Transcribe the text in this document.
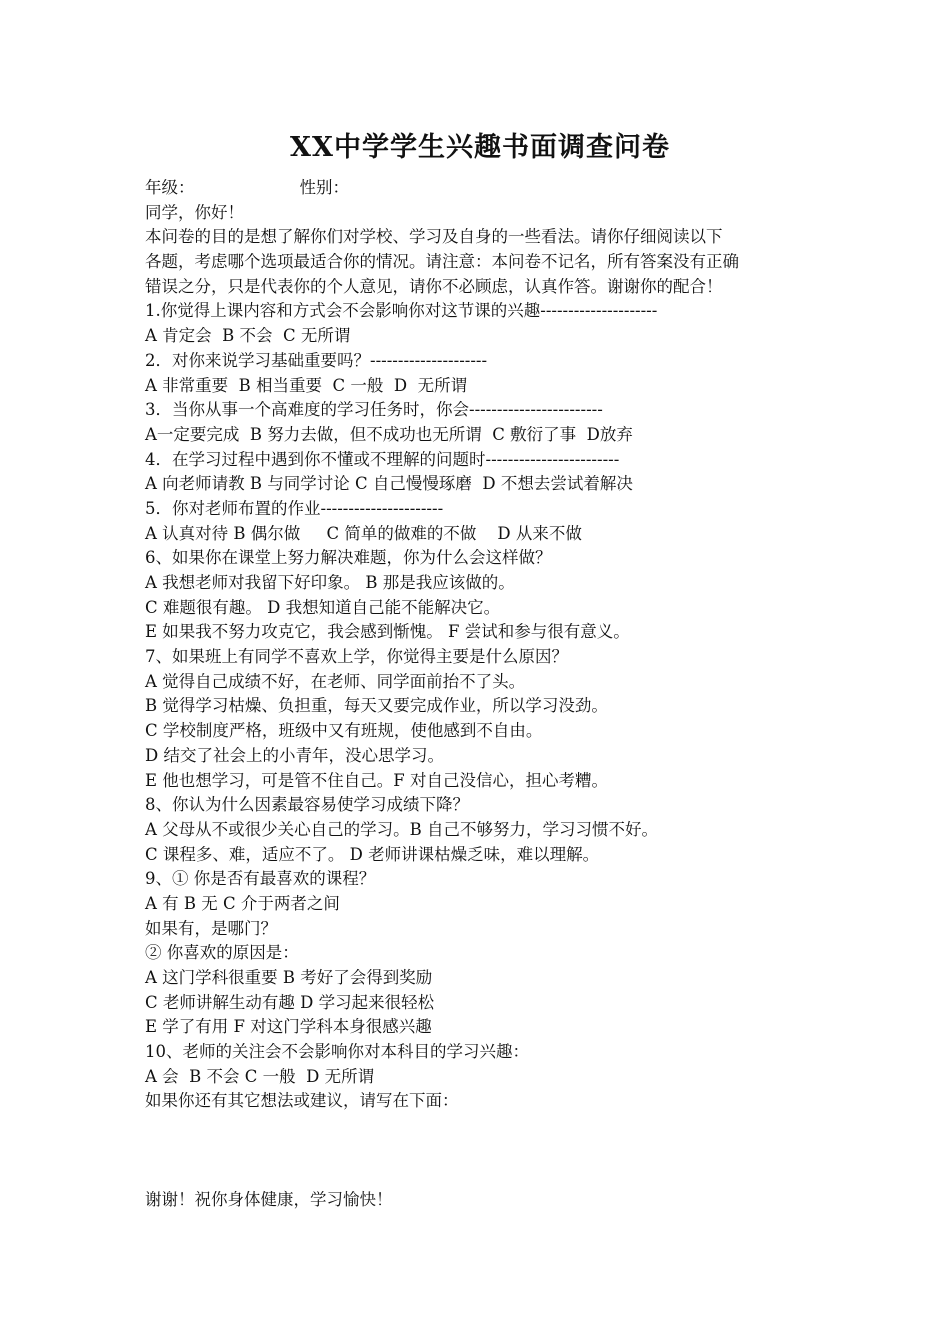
XX中学学生兴趣书面调查问卷
年级：	性别：
同学，你好！
本问卷的目的是想了解你们对学校、学习及自身的一些看法。请你仔细阅读以下
各题，考虑哪个选项最适合你的情况。请注意：本问卷不记名，所有答案没有正确
错误之分，只是代表你的个人意见，请你不必顾虑，认真作答。谢谢你的配合！
1.你觉得上课内容和方式会不会影响你对这节课的兴趣---------------------
A 肯定会  B 不会  C 无所谓
2．对你来说学习基础重要吗？---------------------
A 非常重要  B 相当重要  C 一般  D  无所谓
3．当你从事一个高难度的学习任务时，你会------------------------
A一定要完成  B 努力去做，但不成功也无所谓  C 敷衍了事  D放弃
4．在学习过程中遇到你不懂或不理解的问题时------------------------
A 向老师请教 B 与同学讨论 C 自己慢慢琢磨  D 不想去尝试着解决
5．你对老师布置的作业----------------------
A 认真对待 B 偶尔做     C 简单的做难的不做    D 从来不做
6、如果你在课堂上努力解决难题，你为什么会这样做？
A 我想老师对我留下好印象。 B 那是我应该做的。
C 难题很有趣。 D 我想知道自己能不能解决它。
E 如果我不努力攻克它，我会感到惭愧。 F 尝试和参与很有意义。
7、如果班上有同学不喜欢上学，你觉得主要是什么原因？
A 觉得自己成绩不好，在老师、同学面前抬不了头。
B 觉得学习枯燥、负担重，每天又要完成作业，所以学习没劲。
C 学校制度严格，班级中又有班规，使他感到不自由。
D 结交了社会上的小青年，没心思学习。
E 他也想学习，可是管不住自己。F 对自己没信心，担心考糟。
8、你认为什么因素最容易使学习成绩下降？
A 父母从不或很少关心自己的学习。B 自己不够努力，学习习惯不好。
C 课程多、难，适应不了。 D 老师讲课枯燥乏味，难以理解。
9、① 你是否有最喜欢的课程？
A 有 B 无 C 介于两者之间
如果有，是哪门？
② 你喜欢的原因是：
A 这门学科很重要 B 考好了会得到奖励
C 老师讲解生动有趣 D 学习起来很轻松
E 学了有用 F 对这门学科本身很感兴趣
10、老师的关注会不会影响你对本科目的学习兴趣：
A 会  B 不会 C 一般  D 无所谓
如果你还有其它想法或建议，请写在下面：
谢谢！祝你身体健康，学习愉快！
